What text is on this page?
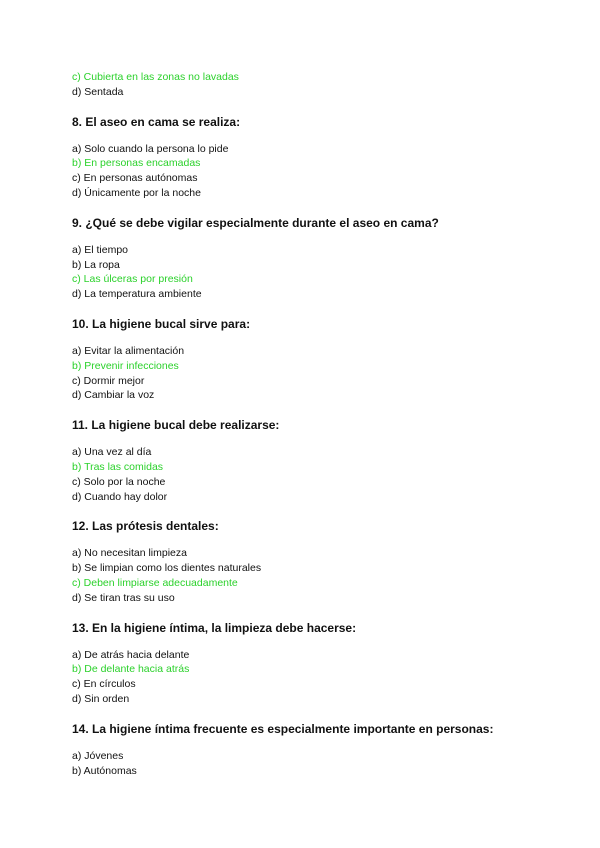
c) Cubierta en las zonas no lavadas
d) Sentada
8. El aseo en cama se realiza:
a) Solo cuando la persona lo pide
b) En personas encamadas
c) En personas autónomas
d) Únicamente por la noche
9. ¿Qué se debe vigilar especialmente durante el aseo en cama?
a) El tiempo
b) La ropa
c) Las úlceras por presión
d) La temperatura ambiente
10. La higiene bucal sirve para:
a) Evitar la alimentación
b) Prevenir infecciones
c) Dormir mejor
d) Cambiar la voz
11. La higiene bucal debe realizarse:
a) Una vez al día
b) Tras las comidas
c) Solo por la noche
d) Cuando hay dolor
12. Las prótesis dentales:
a) No necesitan limpieza
b) Se limpian como los dientes naturales
c) Deben limpiarse adecuadamente
d) Se tiran tras su uso
13. En la higiene íntima, la limpieza debe hacerse:
a) De atrás hacia delante
b) De delante hacia atrás
c) En círculos
d) Sin orden
14. La higiene íntima frecuente es especialmente importante en personas:
a) Jóvenes
b) Autónomas
